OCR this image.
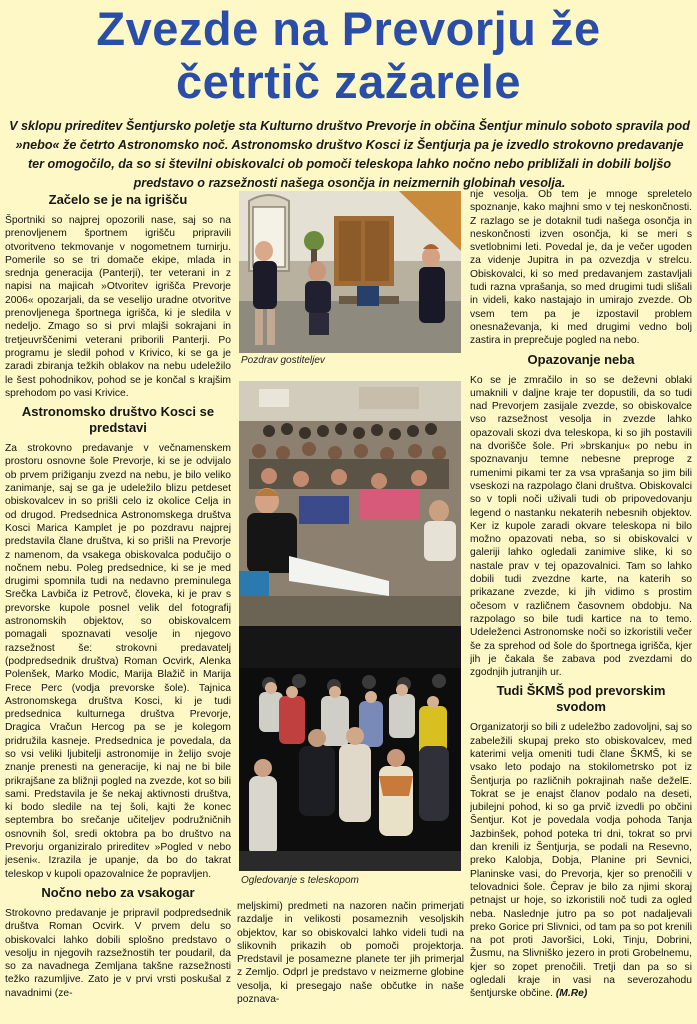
Zvezde na Prevorju že
četrtič zažarele
V sklopu prireditev Šentjursko poletje sta Kulturno društvo Prevorje in občina Šentjur minulo soboto spravila pod »nebo« že četrto Astronomsko noč. Astronomsko društvo Kosci iz Šentjurja pa je izvedlo strokovno predavanje ter omogočilo, da so si številni obiskovalci ob pomoči teleskopa lahko nočno nebo približali in dobili boljšo predstavo o razsežnosti našega osončja in neizmernih globinah vesolja.
Začelo se je na igrišču

Športniki so najprej opozorili nase, saj so na prenovljenem športnem igrišču pripravili otvoritveno tekmovanje v nogometnem turnirju. Pomerile so se tri domače ekipe, mlada in srednja generacija (Panterji), ter veterani in z napisi na majicah »Otvoritev igrišča Prevorje 2006« opozarjali, da se veselijo uradne otvoritve prenovljenega športnega igrišča, ki je sledila v nedeljo. Zmago so si prvi mlajši sokrajani in tretjeuvrščenimi veterani priborili Panterji. Po programu je sledil pohod v Krivico, ki se ga je zaradi zbiranja težkih oblakov na nebu udeležilo le šest pohodnikov, pohod se je končal s krajšim sprehodom po vasi Krivice.

Astronomsko društvo Kosci se predstavi

Za strokovno predavanje v večnamenskem prostoru osnovne šole Prevorje, ki se je odvijalo ob prvem prižiganju zvezd na nebu, je bilo veliko zanimanje, saj se ga je udeležilo blizu petdeset obiskovalcev in so prišli celo iz okolice Celja in od drugod. Predsednica Astronomskega društva Kosci Marica Kamplet je po pozdravu najprej predstavila člane društva, ki so prišli na Prevorje z namenom, da vsakega obiskovalca podučijo o nočnem nebu. Poleg predsednice, ki se je med drugimi spomnila tudi na nedavno preminulega Srečka Lavbiča iz Petrovč, človeka, ki je prav s prevorske kupole posnel velik del fotografij astronomskih objektov, so obiskovalcem pomagali spoznavati vesolje in njegovo razsežnost še: strokovni predavatelj (podpredsednik društva) Roman Ocvirk, Alenka Polenšek, Marko Modic, Marija Blažič in Marija Frece Perc (vodja prevorske šole). Tajnica Astronomskega društva Kosci, ki je tudi predsednica kulturnega društva Prevorje, Dragica Vračun Hercog pa se je kolegom pridružila kasneje. Predsednica je povedala, da so vsi veliki ljubitelji astronomije in želijo svoje znanje prenesti na generacije, ki naj ne bi bile prikrajšane za bližnji pogled na zvezde, kot so bili sami. Predstavila je še nekaj aktivnosti društva, ki bodo sledile na tej šoli, kajti že konec septembra bo srečanje učiteljev podružničnih osnovnih šol, sredi oktobra pa bo društvo na Prevorju organiziralo prireditev »Pogled v nebo jeseni«. Izrazila je upanje, da bo do takrat teleskop v kupoli opazovalnice že popravljen.

Nočno nebo za vsakogar

Strokovno predavanje je pripravil podpredsednik društva Roman Ocvirk. V prvem delu so obiskovalci lahko dobili splošno predstavo o vesolju in njegovih razsežnostih ter poudaril, da so za navadnega Zemljana takšne razsežnosti težko razumljive. Zato je v prvi vrsti poskušal z navadnimi (ze-

Pozdrav gostiteljev
Ogledovanje s teleskopom

meljskimi) predmeti na nazoren način primerjati razdalje in velikosti posameznih vesoljskih objektov, kar so obiskovalci lahko videli tudi na slikovnih prikazih ob pomoči projektorja. Predstavil je posamezne planete ter jih primerjal z Zemljo. Odprl je predstavo v neizmerne globine vesolja, ki presegajo naše občutke in naše poznava-

nje vesolja. Ob tem je mnoge spreletelo spoznanje, kako majhni smo v tej neskončnosti. Z razlago se je dotaknil tudi našega osončja in neskončnosti izven osončja, ki se meri s svetlobnimi leti. Povedal je, da je večer ugoden za videnje Jupitra in pa ozvezdja v strelcu. Obiskovalci, ki so med predavanjem zastavljali tudi razna vprašanja, so med drugimi tudi slišali in videli, kako nastajajo in umirajo zvezde. Ob vsem tem pa je izpostavil problem onesnaževanja, ki med drugimi vedno bolj zastira in preprečuje pogled na nebo.

Opazovanje neba

Ko se je zmračilo in so se deževni oblaki umaknili v daljne kraje ter dopustili, da so tudi nad Prevorjem zasijale zvezde, so obiskovalce vso razsežnost vesolja in zvezde lahko opazovali skozi dva teleskopa, ki so jih postavili na dvorišče šole. Pri »brskanju« po nebu in spoznavanju temne nebesne preproge z rumenimi pikami ter za vsa vprašanja so jim bili vseskozi na razpolago člani društva. Obiskovalci so v topli noči uživali tudi ob pripovedovanju legend o nastanku nekaterih nebesnih objektov. Ker iz kupole zaradi okvare teleskopa ni bilo možno opazovati neba, so si obiskovalci v galeriji lahko ogledali zanimive slike, ki so nastale prav v tej opazovalnici. Tam so lahko dobili tudi zvezdne karte, na katerih so prikazane zvezde, ki jih vidimo s prostim očesom v različnem časovnem obdobju. Na razpolago so bile tudi kartice na to temo. Udeleženci Astronomske noči so izkoristili večer še za sprehod od šole do športnega igrišča, kjer jih je čakala še zabava pod zvezdami do zgodnjih jutranjih ur.

Tudi ŠKMŠ pod prevorskim svodom

Organizatorji so bili z udeležbo zadovoljni, saj so zabeležili skupaj preko sto obiskovalcev, med katerimi velja omeniti tudi člane ŠKMŠ, ki se vsako leto podajo na stokilometrsko pot iz Šentjurja po različnih pokrajinah naše deželE. Tokrat se je enajst članov podalo na deseti, jubilejni pohod, ki so ga prvič izvedli po občini Šentjur. Kot je povedala vodja pohoda Tanja Jazbinšek, pohod poteka tri dni, tokrat so prvi dan krenili iz Šentjurja, se podali na Resevno, preko Kalobja, Dobja, Planine pri Sevnici, Planinske vasi, do Prevorja, kjer so prenočili v telovadnici šole. Čeprav je bilo za njimi skoraj petnajst ur hoje, so izkoristili noč tudi za ogled neba. Naslednje jutro pa so pot nadaljevali preko Gorice pri Slivnici, od tam pa so pot krenili na pot proti Javoršici, Loki, Tinju, Dobrini, Žusmu, na Slivniško jezero in proti Grobelnemu, kjer so zopet prenočili. Tretji dan pa so si ogledali kraje in vasi na severozahodu šentjurske občine. (M.Re)
